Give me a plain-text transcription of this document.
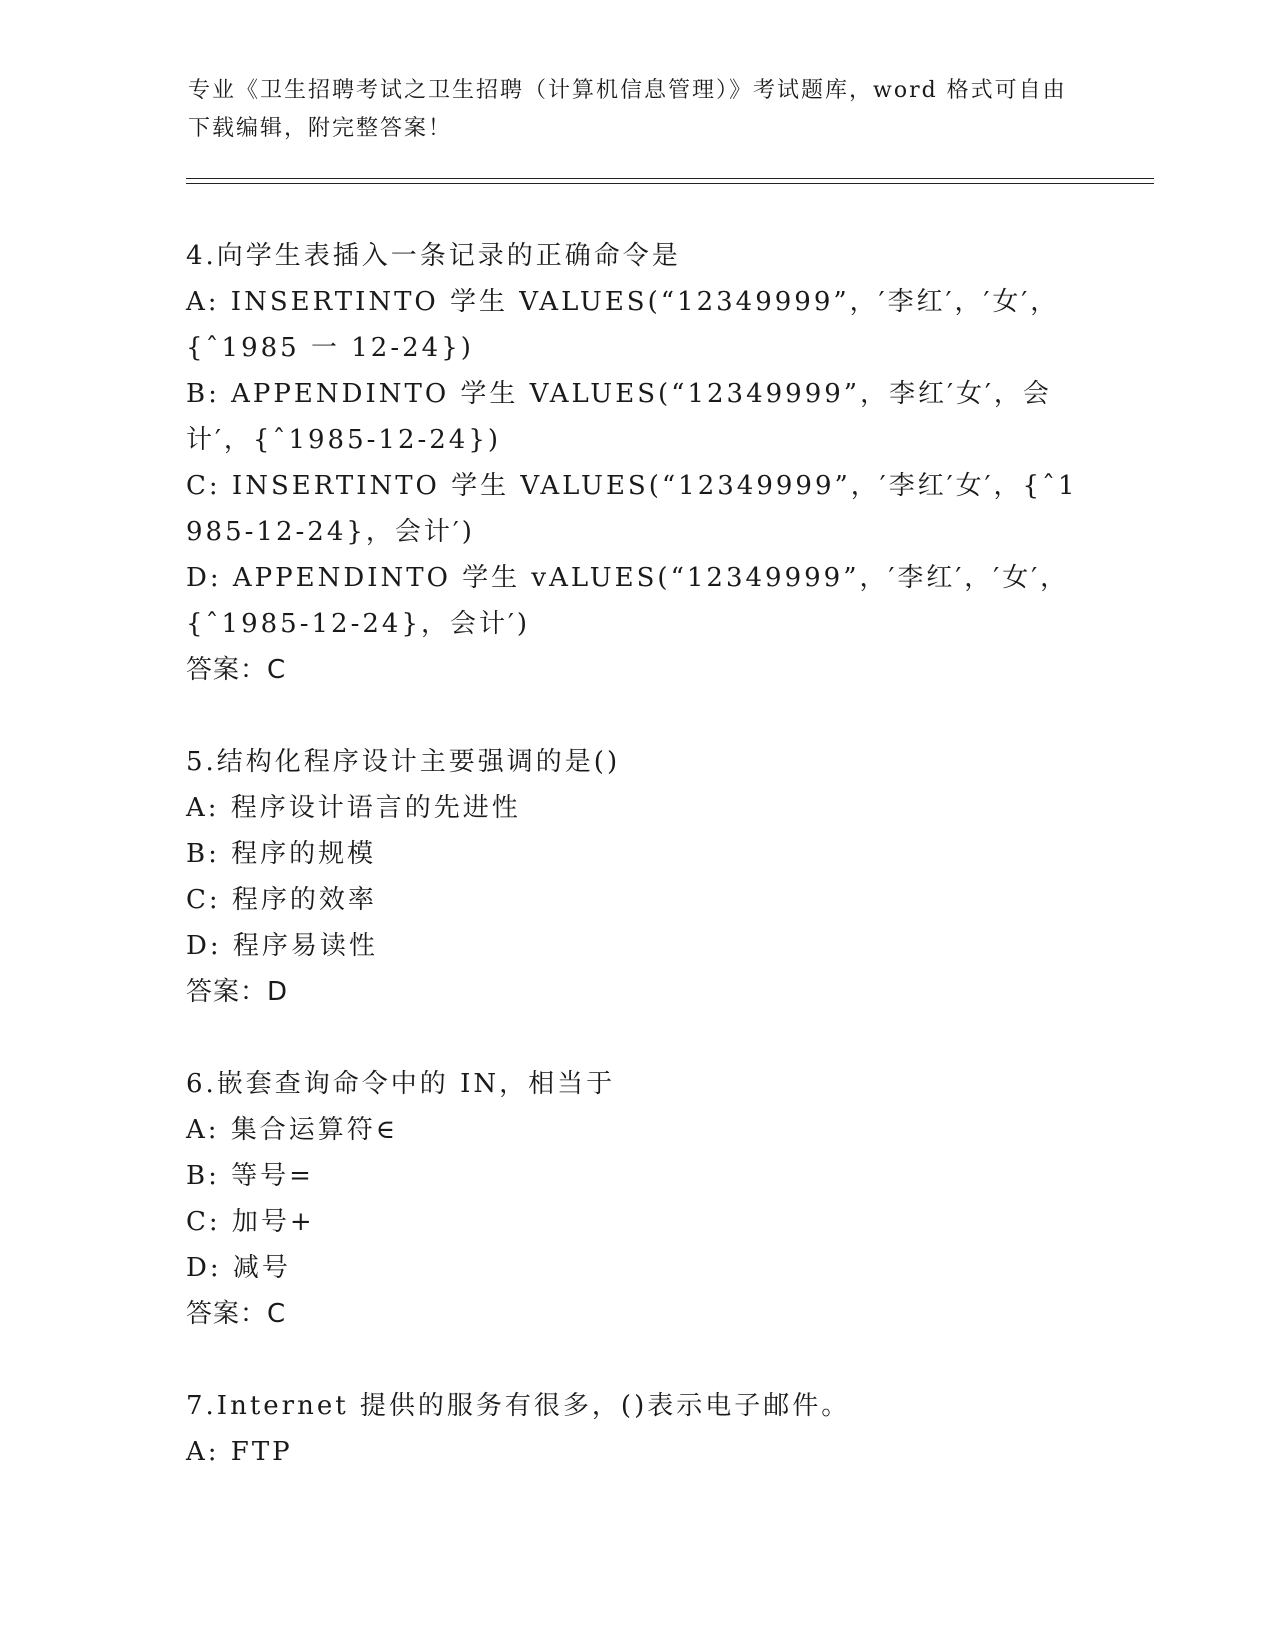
专业《卫生招聘考试之卫生招聘（计算机信息管理）》考试题库，word 格式可自由下载编辑，附完整答案！
4.向学生表插入一条记录的正确命令是
A: INSERTINTO 学生 VALUES(“12349999”，′李红′，′女′，{ˆ1985 一 12-24})
B: APPENDINTO 学生 VALUES(“12349999”，李红′女′，会计′，{ˆ1985-12-24})
C: INSERTINTO 学生 VALUES(“12349999”，′李红′女′，{ˆ1985-12-24}，会计′)
D: APPENDINTO 学生 vALUES(“12349999”，′李红′，′女′，{ˆ1985-12-24}，会计′)
答案：C
5.结构化程序设计主要强调的是()
A: 程序设计语言的先进性
B: 程序的规模
C: 程序的效率
D: 程序易读性
答案：D
6.嵌套查询命令中的 IN，相当于
A: 集合运算符∈
B: 等号=
C: 加号+
D: 减号
答案：C
7.Internet 提供的服务有很多，()表示电子邮件。
A: FTP
